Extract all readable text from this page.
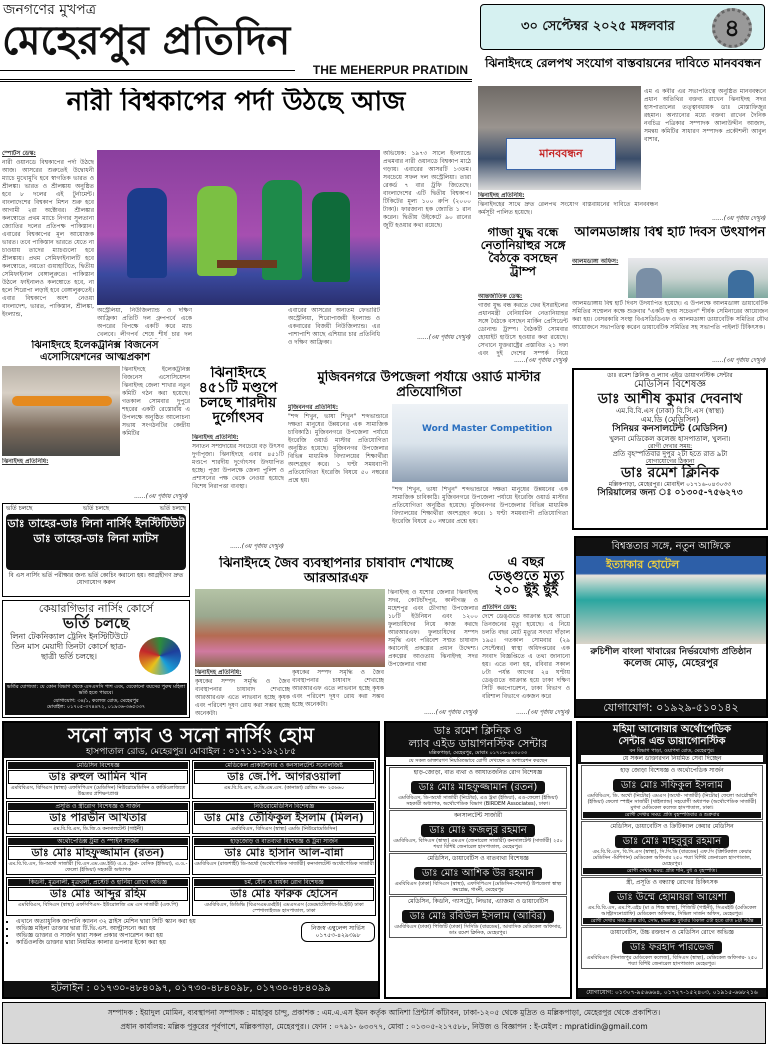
জনগণের মুখপত্র
মেহেরপুর প্রতিদিন
THE MEHERPUR PRATIDIN
৩০ সেপ্টেম্বর ২০২৫ মঙ্গলবার	৪
নারী বিশ্বকাপের পর্দা উঠছে আজ
স্পোর্টস ডেস্ক:
নারী ওয়ানডে বিশ্বকাপের পর্দা উঠছে আজ। আসরের শুরুতেই উদ্বোধনী ম্যাচে মুখোমুখি হবে স্বাগতিক ভারত ও শ্রীলঙ্কা। ভারত ও শ্রীলঙ্কায় অনুষ্ঠিত হবে ৮ দলের এই টুর্নামেন্ট। বাংলাদেশের বিশ্বকাপ মিশন শুরু হবে আগামী ২রা অক্টোবর। শ্রীলঙ্কার কলম্বোতে প্রথম ম্যাচে নিগার সুলতানা জ্যোতির দলের প্রতিপক্ষ পাকিস্তান। এবারের বিশ্বকাপের মূল আয়োজক ভারত। তবে পাকিস্তান ভারতে যেতে না চাওয়ায় তাদের ম্যাচগুলো হবে শ্রীলঙ্কায়। প্রথম সেমিফাইনালটি হবে কলম্বোতে, নয়তো গুয়াহাটিতে, দ্বিতীয় সেমিফাইনাল বেঙ্গালুরুতে। পাকিস্তান উঠলে ফাইনালও কলম্বোতে হবে, না হলে শিরোপা লড়াই হবে বেঙ্গালুরুতেই। এবার বিশ্বকাপে অংশ নেওয়া বাংলাদেশ, ভারত, পাকিস্তান, শ্রীলঙ্কা, ইংল্যান্ড,
অস্ট্রেলিয়া, নিউজিল্যান্ড ও দক্ষিণ আফ্রিকা প্রতিটি দল গ্রুপপর্বে একে অপরের বিপক্ষে একটি করে ম্যাচ খেলবে। লীগপর্ব শেষে শীর্ষ চার দল
এবারের আসরের অন্যতম ফেভারিট অস্ট্রেলিয়া, শিরোপাজয়ী ইংল্যান্ড ও একবারের বিজয়ী নিউজিল্যান্ড। এর পাশাপাশি আছে এশিয়ার চার প্রতিনিধি ও দক্ষিণ আফ্রিকা।
অভিষেক: ১৯৭৩ সালে ইংল্যান্ডে প্রথমবার নারী ওয়ানডে বিশ্বকাপ মাঠে গড়ায়। এবারের আসরটি ১৩তম। সবচেয়ে সফল দল অস্ট্রেলিয়া। তারা রেকর্ড ৭ বার ট্রফি জিতেছে। বাংলাদেশের এটি দ্বিতীয় বিশ্বকাপ। টিকিটের মূল্য ১০০ রুপি (২০০০ টাকা)। ফারজানা হক জ্যোতি ১ রান করেন। দ্বিতীয় উইকেটে ৯০ রানের জুটি হওয়ার কথা রয়েছে।
......(৩য় পৃষ্ঠায় দেখুন)
ঝিনাইদহে রেলপথ সংযোগ বাস্তবায়নের দাবিতে মানববন্ধন
মানববন্ধন
এম এ কবীর এর সভাপতিত্বে অনুষ্ঠিত মানববন্ধনে প্রধান অতিথির বক্তব্য রাখেন ঝিনাইদহ সদর হাসপাতালের তত্ত্বাবধায়ক ডাঃ মোস্তাফিজুর রহমান। অন্যান্যের মধ্যে বক্তব্য রাখেন দৈনিক নবচিত্র পত্রিকার সম্পাদক আলাউদ্দীন আজাদ, সমন্বয় কমিটির সাধারণ সম্পাদক প্রকৌশলী আবুল বাশার,
ঝিনাইদহ প্রতিনিধি:
ঝিনাইদহের সাথে দ্রুত রেলপথ সংযোগ বাস্তবায়নের দাবিতে মানববন্ধন কর্মসূচী পালিত হয়েছে।
......(৩য় পৃষ্ঠায় দেখুন)
গাজা যুদ্ধ বন্ধে নেতানিয়াহুর সঙ্গে বৈঠকে বসছেন ট্রাম্প
আন্তর্জাতিক ডেস্ক:
গাজা যুদ্ধ বন্ধ করতে ফের ইসরাইলের প্রধানমন্ত্রী বেনিয়ামিন নেতানিয়াহুর সঙ্গে বৈঠকে বসছেন মার্কিন প্রেসিডেন্ট ডোনাল্ড ট্রাম্প। বৈঠকটি সোমবার হোয়াইট হাউসে হওয়ার কথা রয়েছে। সেখানে যুক্তরাষ্ট্রের প্রস্তাবিত ২১ দফা এবং দুই দেশের সম্পর্ক নিয়ে
......(৩য় পৃষ্ঠায় দেখুন)
আলমডাঙ্গায় বিশ্ব হার্ট দিবস উৎযাপন
আলমডাঙ্গা অফিস:
আলমডাঙ্গায় বিশ্ব হার্ট দিবস উদযাপিত হয়েছে। এ উপলক্ষে আলমডাঙ্গা ডায়াবেটিক সমিতির সম্মেলন কক্ষে শুক্রবার "একটি হৃদয় সচেতন" শীর্ষক সেমিনারের আয়োজন করা হয়। বেসরকারি সংস্থা বিএসডিডিএফ ও আলমডাঙ্গা ডায়াবেটিক সমিতির যৌথ আয়োজনে সভাপতিত্ব করেন ডায়াবেটিক সমিতির সহ সভাপতি পাইলট টিকিৎসক।
......(৩য় পৃষ্ঠায় দেখুন)
ঝিনাইদহে ইলেকট্রনিক্স বিজনেস এসোসিয়েশনের আত্মপ্রকাশ
ঝিনাইদহে ইলেকট্রনিক্স বিজনেস এসোসিয়েশন ঝিনাইদহ জেলা শাখার নতুন কমিটি গঠন করা হয়েছে। গতকাল সোমবার দুপুরে শহরের একটি রেস্তোরাঁয় এ উপলক্ষে অনুষ্ঠিত আলোচনা সভায় সংগঠনটির কেন্দ্রীয় কমিটির
ঝিনাইদহ প্রতিনিধি:
......(৩য় পৃষ্ঠায় দেখুন)
ঝিনাইদহে ৪৫১টি মণ্ডপে চলছে শারদীয় দুর্গোৎসব
ঝিনাইদহ প্রতিনিধি:
সনাতন সম্প্রদায়ের সবচেয়ে বড় উৎসব দুর্গাপূজা। ঝিনাইদহে এবার ৪৫১টি মণ্ডপে শারদীয় দুর্গোৎসব উদযাপিত হচ্ছে। পূজা উপলক্ষে জেলা পুলিশ ও প্রশাসনের পক্ষ থেকে নেওয়া হয়েছে বিশেষ নিরাপত্তা ব্যবস্থা।
মুজিবনগরে উপজেলা পর্যায়ে ওয়ার্ড মাস্টার প্রতিযোগিতা
মুজিবনগর প্রতিনিধি:
"শব্দ শিখুন, ভাষা শিখুন" শব্দভান্ডারে দক্ষতা মানুষের উন্নয়নের এক সামাজিক চাবিকাঠি। মুজিবনগরে উপজেলা পর্যায়ে ইংরেজি ওয়ার্ড মাস্টার প্রতিযোগিতা অনুষ্ঠিত হয়েছে। মুজিবনগর উপজেলার বিভিন্ন মাধ্যমিক বিদ্যালয়ের শিক্ষার্থীরা অংশগ্রহণ করে। ১ ঘণ্টা সময়ব্যাপী প্রতিযোগিতা ইংরেজি বিষয়ে ৫০ নম্বরের প্রশ্নে হয়।
Word Master Competition
"শব্দ শিখুন, ভাষা শিখুন" শব্দভান্ডারে দক্ষতা মানুষের উন্নয়নের এক সামাজিক চাবিকাঠি। মুজিবনগরে উপজেলা পর্যায়ে ইংরেজি ওয়ার্ড মাস্টার প্রতিযোগিতা অনুষ্ঠিত হয়েছে। মুজিবনগর উপজেলার বিভিন্ন মাধ্যমিক বিদ্যালয়ের শিক্ষার্থীরা অংশগ্রহণ করে। ১ ঘণ্টা সময়ব্যাপী প্রতিযোগিতা ইংরেজি বিষয়ে ৫০ নম্বরের প্রশ্নে হয়।
......(৩য় পৃষ্ঠায় দেখুন)
ডাঃ রমেশ ক্লিনিক ও ল্যাব এইড ডায়াগনস্টিক সেন্টার
মেডিসিন বিশেষজ্ঞ
ডাঃ আশীষ কুমার দেবনাথ
এম.বি.বি.এস (ঢাকা) বি.সি.এস (স্বাস্থ্য)
এম.ডি (মেডিসিন)
সিনিয়র কনসালটেন্ট (মেডিসিন)
খুলনা মেডিকেল কলেজ হাসপাতাল, খুলনা।
রোগী দেখার সময়:
প্রতি বৃহস্পতিবার দুপুর ২টা হতে রাত ৯টা
যোগাযোগের ঠিকানা
ডাঃ রমেশ ক্লিনিক
মল্লিকপাড়া, মেহেরপুর। মোবাইল ০১৭১৬-০৪৩০৩৩
সিরিয়ালের জন্য ঃ ০১৩০৫-৭৫৬২৭৩
ভর্তি চলছে	ভর্তি চলছে	ভর্তি চলছে
ডাঃ তাহের-ডাঃ লিনা নার্সিং ইনস্টিটিউট
ডাঃ তাহের-ডাঃ লিনা ম্যাটস
বি এস নার্সিং ভর্তি পরীক্ষার জন্য ভর্তি কোচিং করানো হয়। আগ্রহীগণ দ্রুত যোগাযোগ করুন
কেয়ারগিভার নার্সিং কোর্সে
ভর্তি চলছে
লিনা টেকনিক্যাল ট্রেনিং ইনস্টিটিউটে তিন মাস মেয়াদী তিনটা কোর্সে ছাত্র-ছাত্রী ভর্তি চলছে।
ভর্তির যোগ্যতা: যে কোন বিভাগ থেকে এসএসসি পাশ এবং, যেকোনো বয়সের পুরুষ মহিলা ভর্তি হতে পারবে।
যোগাযোগ: ৩৪/১, কলেজ রোড, মেহেরপুর
মোবাইল: ০১৭০৫-৩৭৪৪৭২, ০১৯৩৬-৩৬৫৩৩৭
ঝিনাইদহে জৈব ব্যবস্থাপনার চাষাবাদ শেখাচ্ছে আরআরএফ
ঝিনাইদহ প্রতিনিধি:
কৃষকের সম্পদ সমৃদ্ধি ও জৈব ব্যবস্থাপনার চাষাবাদ শেখাচ্ছে আরআরএফ এতে লাভবান হচ্ছে কৃষক এবং পরিবেশ দূষণ রোধ করা সম্ভব হচ্ছে অনেকটা।
কৃষকের সম্পদ সমৃদ্ধি ও জৈব ব্যবস্থাপনার চাষাবাদ শেখাচ্ছে আরআরএফ এতে লাভবান হচ্ছে কৃষক এবং পরিবেশ দূষণ রোধ করা সম্ভব হচ্ছে অনেকটা।
ঝিনাইদহ ও যশোর জেলার ঝিনাইদহ সদর, কোটচাঁদপুর, কালীগঞ্জ ও মহেশপুর এবং চৌগাছা উপজেলার ১৮টি ইউনিয়ন এবং ১২০০ ফুলচাষিদের নিয়ে কাজ করছে আরআরএফ। ফুলচাষিদের সম্পদ সমৃদ্ধি এবং পরিবেশ সম্মত চাষাবাদ করানোই প্রকল্পের প্রধান উদ্দেশ্য। প্রকল্পের আওতায় ঝিনাইদহ সদর উপজেলার গান্না
......(৩য় পৃষ্ঠায় দেখুন)
এ বছর ডেঙ্গুতে মৃত্যু ২০০ ছুঁই ছুঁই
প্রতিদিন ডেস্ক:
দেশে ডেঙ্গুতে আক্রান্ত হয়ে আরো তিনজনের মৃত্যু হয়েছে। এ নিয়ে চলতি বছর মোট মৃত্যুর সংখ্যা দাঁড়াল ১৯৫। গতকাল সোমবার (২৯ সেপ্টেম্বর) স্বাস্থ্য অধিদপ্তরের এক সংবাদ বিজ্ঞপ্তিতে এ তথ্য জানানো হয়। এতে বলা হয়, রবিবার সকাল ৮টা পর্যন্ত আগের ২৪ ঘণ্টায় ডেঙ্গুতে আক্রান্ত হয়ে ঢাকা দক্ষিণ সিটি করপোরেশন, ঢাকা বিভাগ ও বরিশাল বিভাগে একজন করে
......(৩য় পৃষ্ঠায় দেখুন)
বিশ্বস্ততার সঙ্গে, নতুন আঙ্গিকে
ইত্যাকার হোটেল
রুচিশীল বাংলা খাবারের নির্ভরযোগ্য প্রতিষ্ঠান
কলেজ মোড়, মেহেরপুর
যোগাযোগ: ০১৯২৯-৫১০১৪২
সনো ল্যাব ও সনো নার্সিং হোম
হাসপাতাল রোড, মেহেরপুর। মোবাইল : ০১৭১১-১৯২১৮৫
মেডিসিন বিশেষজ্ঞ
ডাঃ রুহুল আমিন খান
এমবিবিএস, বিসিএস (স্বাস্থ্য) এফসিপিএস (মেডিসিন) নিউরোমেডিসিন ও কার্ডিওলজিতে উচ্চতর প্রশিক্ষণপ্রাপ্ত
মেডিকেল প্রাকটিশনার ও কনসালটেন্ট সনোলজিষ্ট
ডাঃ জে.পি. আগরওয়ালা
এম.বি.বি.এস, এ.ডি.এম.এস. (কানাডা) রেজিঃ নং- ২৫৬৬০
প্রসূতি ও স্ত্রীরোগ বিশেষজ্ঞ ও সার্জন
ডাঃ পারভীন আখতার
এম.বি.বি.এস, ডি.জি.ও কনসালটেন্ট (গাইনী)
নিউরোমেডিসিন বিশেষজ্ঞ
ডাঃ মোঃ তৌফিকুল ইসলাম (মিলন)
এমবিবিএস, বিসিএস (স্বাস্থ্য) এমডি (নিউরোমেডিসিন)
অর্থোপেডিক্স ট্রমা ও স্পাইন সার্জন
ডাঃ মোঃ মাহফুজ্জামান (রতন)
এম.বি.বি.এস, ডি-অর্থো সার্জারী (বি.এস.এম.এম.ইউ) এ.ও. ট্রমা- বেসিক (ইন্ডিয়া), এ.ও.- ফেলো (ইন্ডিয়া) সহকারী অধ্যাপক
হাড়জোড় ও বাতব্যথা বিশেষজ্ঞ ও ট্রমা সার্জন
ডাঃ মোঃ হাসান আল-বান্না
এমবিবিএস (রাজশাহী) ডি-অর্থো (অর্থোপেডিক সার্জারী) কনসালটেন্ট অর্থোপেডিক সার্জারী
কিডনী, মূত্রনালী, মূত্রথলী, প্রস্টেট ও হার্নিয়া রোগে অভিজ্ঞ
ডাঃ মোঃ আব্দুর রহিম
এমবিবিএস, বিসিএস (স্বাস্থ্য) এফসিপিএস- ইউরোলজি এম এস সার্জারী (এফ.পি)
চর্ম, যৌন ও বার্ধক্য রোগ বিশেষজ্ঞ
ডাঃ মোঃ ফারুক হোসেন
এমবিবিএস, ডিডিভি (বিএসএমএমইউ) এমএসএস (ডেরমাটোলজি-ডি.ইউ) ঢাকা স্পেশালাইজড হাসপাতাল, ঢাকা
▪ এখানে অত্যাধুনিক জাপানি ক্যানন ৩২ স্লাইস মেশিন দ্বারা সিটি স্ক্যান করা হয়
▪ অভিজ্ঞ মহিলা ডাক্তার দ্বারা টি.ভি.এস. আল্ট্রাসনো করা হয়
▪ অভিজ্ঞ ডাক্তার ও সার্জন দ্বারা সকল প্রকার অপারেশন করা হয়
▪ কার্ডিওলজি ডাক্তার দ্বারা নিয়মিত কালার ডপলার ইকো করা হয়
নিজস্ব এম্বুলেন্স সার্ভিস
০১৭৫৩-৪২৯৩৯৮
হটলাইন : ০১৭৩০-৪৮৪০৯৭, ০১৭৩০-৪৮৪০৯৮, ০১৭৩০-৪৮৪০৯৯
ডাঃ রমেশ ক্লিনিক ও
ল্যাব এইড ডায়াগনস্টিক সেন্টার
মল্লিকপাড়া, মেহেরপুর, মোবাঃ ০১৭১৬-০৪৩০৩৩
যে সকল ডাক্তারগণ নিয়মিতভাবে রোগী দেখছেন ও অপারেশন করছেন
হাড়-জোড়া, বাত ব্যথা ও আঘাতজনিত রোগ বিশেষজ্ঞ
ডাঃ মোঃ মাহফুজ্জামান (রতন)
এমবিবিএস, ডি-অর্থো সার্জারী (নিটোর), এও ট্রমা (ইন্ডিয়া), এও-ফেলো (ইন্ডিয়া) সহকারী অধ্যাপক, অর্থোপেডিক বিভাগ (BIRDEM Associates), ঢাকা।
কনসালটেন্ট সার্জারী
ডাঃ মোঃ ফজলুর রহমান
এমবিবিএস, বিসিএস (স্বাস্থ্য) এমএস (জেনারেল সার্জারী) কনসালটেন্ট (সার্জারী) ২৫০ শয্যা বিশিষ্ট জেনারেল হাসপাতাল, মেহেরপুর।
মেডিসিন, ডায়াবেটিস ও বাতব্যথা বিশেষজ্ঞ
ডাঃ মোঃ আশিক উর রহমান
এমবিবিএস (ঢাকা) বিসিএস (স্বাস্থ্য), এফসিপিএস (মেডিসিন-শেষপর্ব) উপজেলা স্বাস্থ্য কমপ্লেক্স, গাংনী, মেহেরপুর
মেডিসিন, কিডনি, গ্যাসট্রো, লিভার, এ্যাজমা ও ডায়াবেটিস
ডাঃ মোঃ রবিউল ইসলাম (আবির)
এমবিবিএস (ঢাকা) পিজিটি (ঢাকা) সিসিডি (বারডেম), আবাসিক মেডিকেল অফিসার, ডাঃ রমেশ ক্লিনিক, মেহেরপুর।
মহিমা আনোয়ার অর্থোপেডিক
সেন্টার এন্ড ডায়াগোনস্টিক
বন বিভাগ পাড়া, ওয়াপদা রোড, মেহেরপুর।
যে সকল ডাক্তারগন নিয়মিত সেবা দিচ্ছেন
হাড় জোড়া বিশেষজ্ঞ ও অর্থোপেডিক সার্জন
ডাঃ মোঃ সফিকুল ইসলাম
এমবিবিএস, ডি. অর্থো (নিটোর) এমএস (অর্থো- সার্জারী) (নিটোর) ফেলো আর্থ্রোস্কপি (ইন্ডিয়া) ফেলো স্পাইন সার্জারী (থাইল্যান্ড) সহযোগী অধ্যাপক (অর্থোপেডিক সার্জারী) মুগদা মেডিকেল কলেজ হাসপাতাল, ঢাকা।
রোগী দেখার সময়: প্রতি বৃহস্পতিবার ও শুক্রবার
মেডিসিন, ডায়াবেটিস ও ক্রিটিক্যাল কেয়ার মেডিসিন
ডাঃ মোঃ মাহবুবুর রহমান
এম.বি.বি.এস, বি.সি.এস (স্বাস্থ্য), সি.সি.ডি (বারডেম) এফ.সি (ক্রিটিক্যাল কেয়ার মেডিসিন -মিশিগান) মেডিকেল অফিসার ২৫০ শয্যা বিশিষ্ট জেনারেল হাসপাতাল, মেহেরপুর।
রোগী দেখার সময়: প্রতি শনি, বুধ ও বৃহস্পতি।
স্ত্রী, প্রসূতি ও বন্ধ্যাত্ব রোগের চিকিৎসক
ডাঃ উম্মে হোমায়রা আয়েশা
এম.বি.বি.এস, এম.পি.এইচ (মা ও শিশু স্বাস্থ্য), পিজিটি (গাইনী), সিএমইউ (মেডিকেল আল্ট্রাসনোগ্রাফি) মেডিকেল অফিসার, সিভিল সার্জন অফিস, মেহেরপুর।
রোগী দেখার সময় প্রতি রবি, সোম, মঙ্গল ও বুধবার বিকাল ৫টা হতে রাত ৮টা পর্যন্ত
ডায়াবেটিস, উচ্চ রক্তচাপ ও মেডিসিন রোগে অভিজ্ঞ
ডাঃ ফরহাদ পারভেজ
এমবিবিএস (দিনাজপুর মেডিকেল কলেজ), বিসিএস (স্বাস্থ্য), মেডিকেল অফিসার- ২৫০ শয্যা বিশিষ্ট জেনারেল হাসপাতাল মেহেরপুর।
যোগাযোগ: ০১৩০৭-৯৫৬৬৬৪, ০১৭২৭-১৫২৪০৩, ০১৯১৫-৬৬৮২১৬
সম্পাদক : ইয়াদুল মোমিন, ব্যবস্থাপনা সম্পাদক : মাহাবুব চান্দু, প্রকাশক : এম.এ.এস ইমন কর্তৃক আনিশা প্রিন্টার্স কাঁটাবন, ঢাকা-১২০৫ থেকে মুদ্রিত ও মল্লিকপাড়া, মেহেরপুর থেকে প্রকাশিত।
প্রধান কার্যালয়: মল্লিক পুকুরের পূর্বপাশে, মল্লিকপাড়া, মেহেরপুর।। ফোন : ০৭৯১- ৬৩৩৭৭, মোবা : ০১৩০৫-২১৭৫৮৮, নিউজ ও বিজ্ঞাপন : ই-মেইল : mpratidin@gmail.com
